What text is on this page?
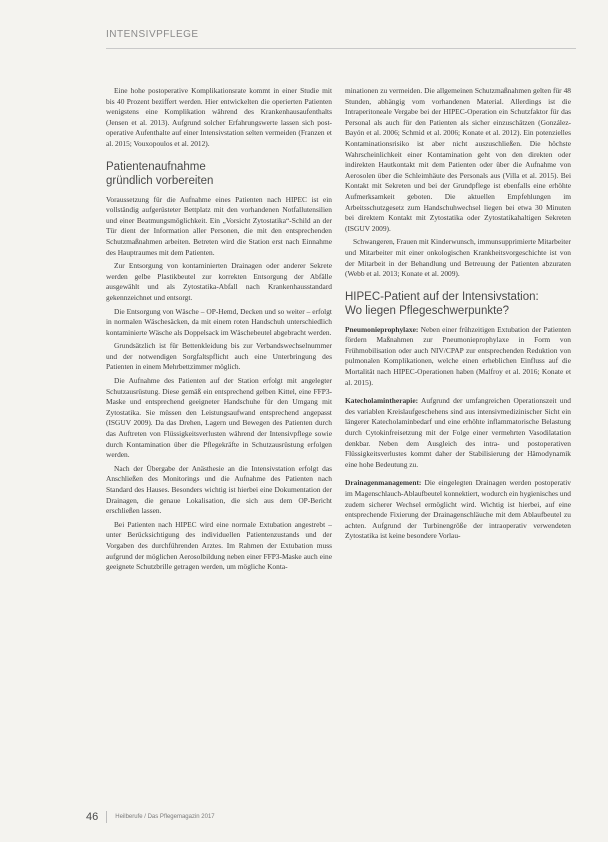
INTENSIVPFLEGE

Eine hohe postoperative Komplikationsrate kommt in einer Studie mit bis 40 Prozent beziffert werden. Hier entwickelten die operierten Patienten wenigstens eine Komplikation während des Krankenhausaufenthalts (Jensen et al. 2013). Aufgrund solcher Erfahrungswerte lassen sich post-operative Aufenthalte auf einer Intensivstation selten vermeiden (Franzen et al. 2015; Vouxopoulos et al. 2012).

Patientenaufnahme
gründlich vorbereiten

Voraussetzung für die Aufnahme eines Patienten nach HIPEC ist ein vollständig aufgerüsteter Bettplatz mit den vorhandenen Notfallutensilien und einer Beatmungsmöglichkeit. Ein „Vorsicht Zytostatika“-Schild an der Tür dient der Information aller Personen, die mit den entsprechenden Schutzmaßnahmen arbeiten. Betreten wird die Station erst nach Einnahme des Hauptraumes mit dem Patienten.

Zur Entsorgung von kontaminierten Drainagen oder anderer Sekrete werden gelbe Plastikbeutel zur korrekten Entsorgung der Abfälle ausgewählt und als Zytostatika-Abfall nach Krankenhausstandard gekennzeichnet und entsorgt.

Die Entsorgung von Wäsche – OP-Hemd, Decken und so weiter – erfolgt in normalen Wäschesäcken, da mit einem roten Handschuh unterschiedlich kontaminierte Wäsche als Doppelsack im Wäschebeutel abgebracht werden.

Grundsätzlich ist für Bettenkleidung bis zur Verbandswechselnummer und der notwendigen Sorgfaltspflicht auch eine Unterbringung des Patienten in einem Mehrbettzimmer möglich.

Die Aufnahme des Patienten auf der Station erfolgt mit angelegter Schutzausrüstung. Diese gemäß ein entsprechend gelben Kittel, eine FFP3-Maske und entsprechend geeigneter Handschuhe für den Umgang mit Zytostatika. Sie müssen den Leistungsaufwand entsprechend angepasst (ISGUV 2009). Da das Drehen, Lagern und Bewegen des Patienten durch das Auftreten von Flüssigkeitsverlusten während der Intensivpflege sowie durch Kontamination über die Pflegekräfte in Schutzausrüstung erfolgen werden.

Nach der Übergabe der Anästhesie an die Intensivstation erfolgt das Anschließen des Monitorings und die Aufnahme des Patienten nach Standard des Hauses. Besonders wichtig ist hierbei eine Dokumentation der Drainagen, die genaue Lokalisation, die sich aus dem OP-Bericht erschließen lassen.

Bei Patienten nach HIPEC wird eine normale Extubation angestrebt – unter Berücksichtigung des individuellen Patientenzustands und der Vorgaben des durchführenden Arztes. Im Rahmen der Extubation muss aufgrund der möglichen Aerosolbildung neben einer FFP3-Maske auch eine geeignete Schutzbrille getragen werden, um mögliche Konta-

minationen zu vermeiden. Die allgemeinen Schutzmaßnahmen gelten für 48 Stunden, abhängig vom vorhandenen Material. Allerdings ist die Intraperitoneale Vergabe bei der HIPEC-Operation ein Schutzfaktor für das Personal als auch für den Patienten als sicher einzuschätzen (González-Bayón et al. 2006; Schmid et al. 2006; Konate et al. 2012). Ein potenzielles Kontaminationsrisiko ist aber nicht auszuschließen. Die höchste Wahrscheinlichkeit einer Kontamination geht von den direkten oder indirekten Hautkontakt mit dem Patienten oder über die Aufnahme von Aerosolen über die Schleimhäute des Personals aus (Villa et al. 2015). Bei Kontakt mit Sekreten und bei der Grundpflege ist ebenfalls eine erhöhte Aufmerksamkeit geboten. Die aktuellen Empfehlungen im Arbeitsschutzgesetz zum Handschuhwechsel liegen bei etwa 30 Minuten bei direktem Kontakt mit Zytostatika oder Zytostatikahaltigen Sekreten (ISGUV 2009).

Schwangeren, Frauen mit Kinderwunsch, immunsupprimierte Mitarbeiter und Mitarbeiter mit einer onkologischen Krankheitsvorgeschichte ist von der Mitarbeit in der Behandlung und Betreuung der Patienten abzuraten (Webb et al. 2013; Konate et al. 2009).

HIPEC-Patient auf der Intensivstation:
Wo liegen Pflegeschwerpunkte?

Pneumonieprophylaxe: Neben einer frühzeitigen Extubation der Patienten fördern Maßnahmen zur Pneumonieprophylaxe in Form von Frühmobilisation oder auch NIV/CPAP zur entsprechenden Reduktion von pulmonalen Komplikationen, welche einen erheblichen Einfluss auf die Mortalität nach HIPEC-Operationen haben (Malfroy et al. 2016; Konate et al. 2015).

Katecholamintherapie: Aufgrund der umfangreichen Operationszeit und des variablen Kreislaufgeschehens sind aus intensivmedizinischer Sicht ein längerer Katecholaminbedarf und eine erhöhte inflammatorische Belastung durch Cytokinfreisetzung mit der Folge einer vermehrten Vasodilatation denkbar. Neben dem Ausgleich des intra- und postoperativen Flüssigkeitsverlustes kommt daher der Stabilisierung der Hämodynamik eine hohe Bedeutung zu.

Drainagenmanagement: Die eingelegten Drainagen werden postoperativ im Magenschlauch-Ablaufbeutel konnektiert, wodurch ein hygienisches und zudem sicherer Wechsel ermöglicht wird. Wichtig ist hierbei, auf eine entsprechende Fixierung der Drainagenschläuche mit dem Ablaufbeutel zu achten. Aufgrund der Turbinengröße der intraoperativ verwendeten Zytostatika ist keine besondere Vorlau-

46	Heilberufe / Das Pflegemagazin 2017
